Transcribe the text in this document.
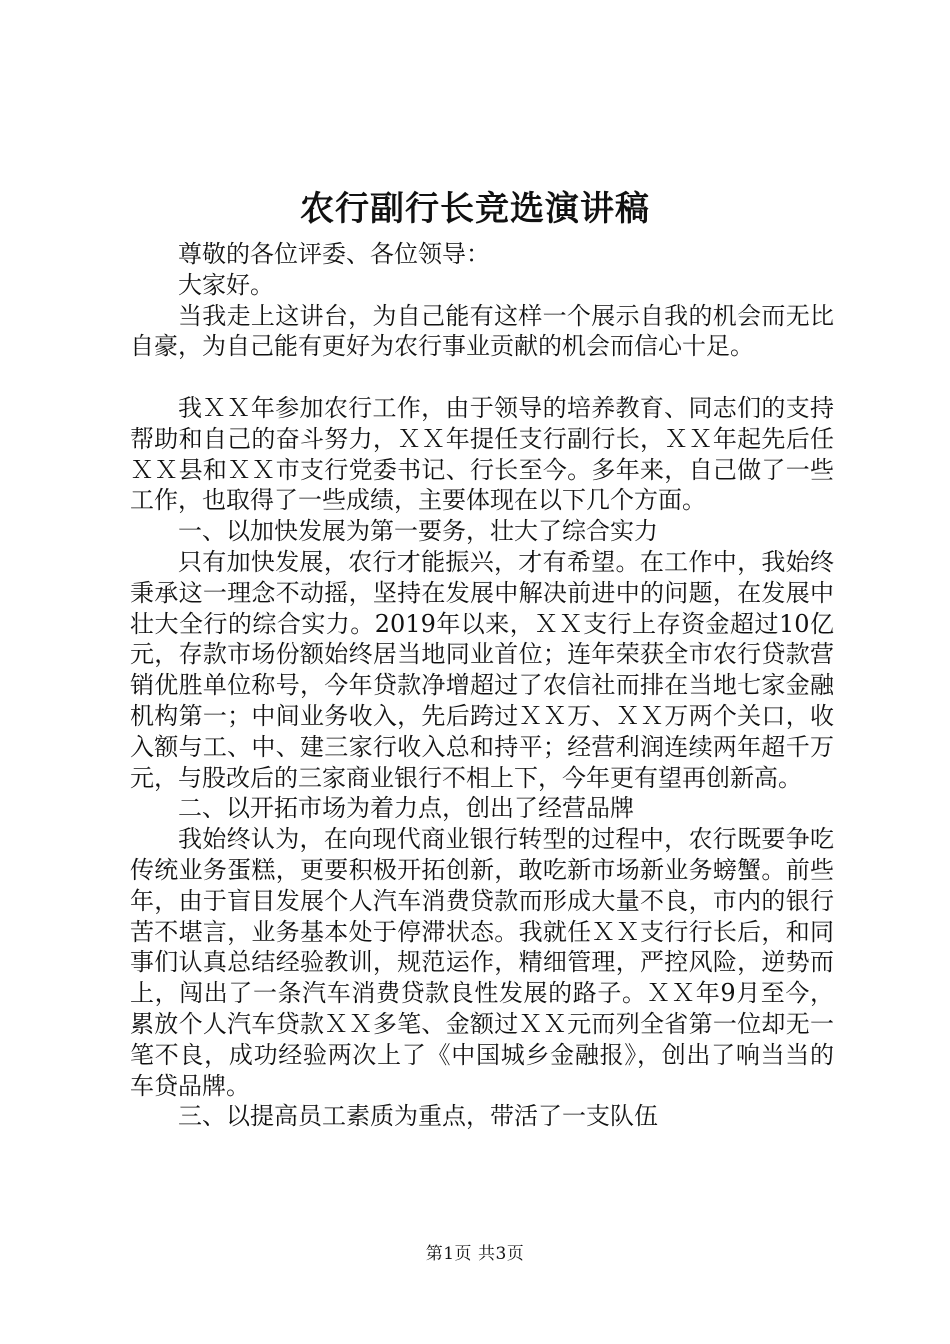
农行副行长竞选演讲稿

尊敬的各位评委、各位领导：

大家好。

当我走上这讲台，为自己能有这样一个展示自我的机会而无比自豪，为自己能有更好为农行事业贡献的机会而信心十足。

我ＸＸ年参加农行工作，由于领导的培养教育、同志们的支持帮助和自己的奋斗努力，ＸＸ年提任支行副行长，ＸＸ年起先后任ＸＸ县和ＸＸ市支行党委书记、行长至今。多年来，自己做了一些工作，也取得了一些成绩，主要体现在以下几个方面。

一、以加快发展为第一要务，壮大了综合实力

只有加快发展，农行才能振兴，才有希望。在工作中，我始终秉承这一理念不动摇，坚持在发展中解决前进中的问题，在发展中壮大全行的综合实力。2019年以来，ＸＸ支行上存资金超过10亿元，存款市场份额始终居当地同业首位；连年荣获全市农行贷款营销优胜单位称号，今年贷款净增超过了农信社而排在当地七家金融机构第一；中间业务收入，先后跨过ＸＸ万、ＸＸ万两个关口，收入额与工、中、建三家行收入总和持平；经营利润连续两年超千万元，与股改后的三家商业银行不相上下，今年更有望再创新高。

二、以开拓市场为着力点，创出了经营品牌

我始终认为，在向现代商业银行转型的过程中，农行既要争吃传统业务蛋糕，更要积极开拓创新，敢吃新市场新业务螃蟹。前些年，由于盲目发展个人汽车消费贷款而形成大量不良，市内的银行苦不堪言，业务基本处于停滞状态。我就任ＸＸ支行行长后，和同事们认真总结经验教训，规范运作，精细管理，严控风险，逆势而上，闯出了一条汽车消费贷款良性发展的路子。ＸＸ年9月至今，累放个人汽车贷款ＸＸ多笔、金额过ＸＸ元而列全省第一位却无一笔不良，成功经验两次上了《中国城乡金融报》，创出了响当当的车贷品牌。

三、以提高员工素质为重点，带活了一支队伍

第1页 共3页
